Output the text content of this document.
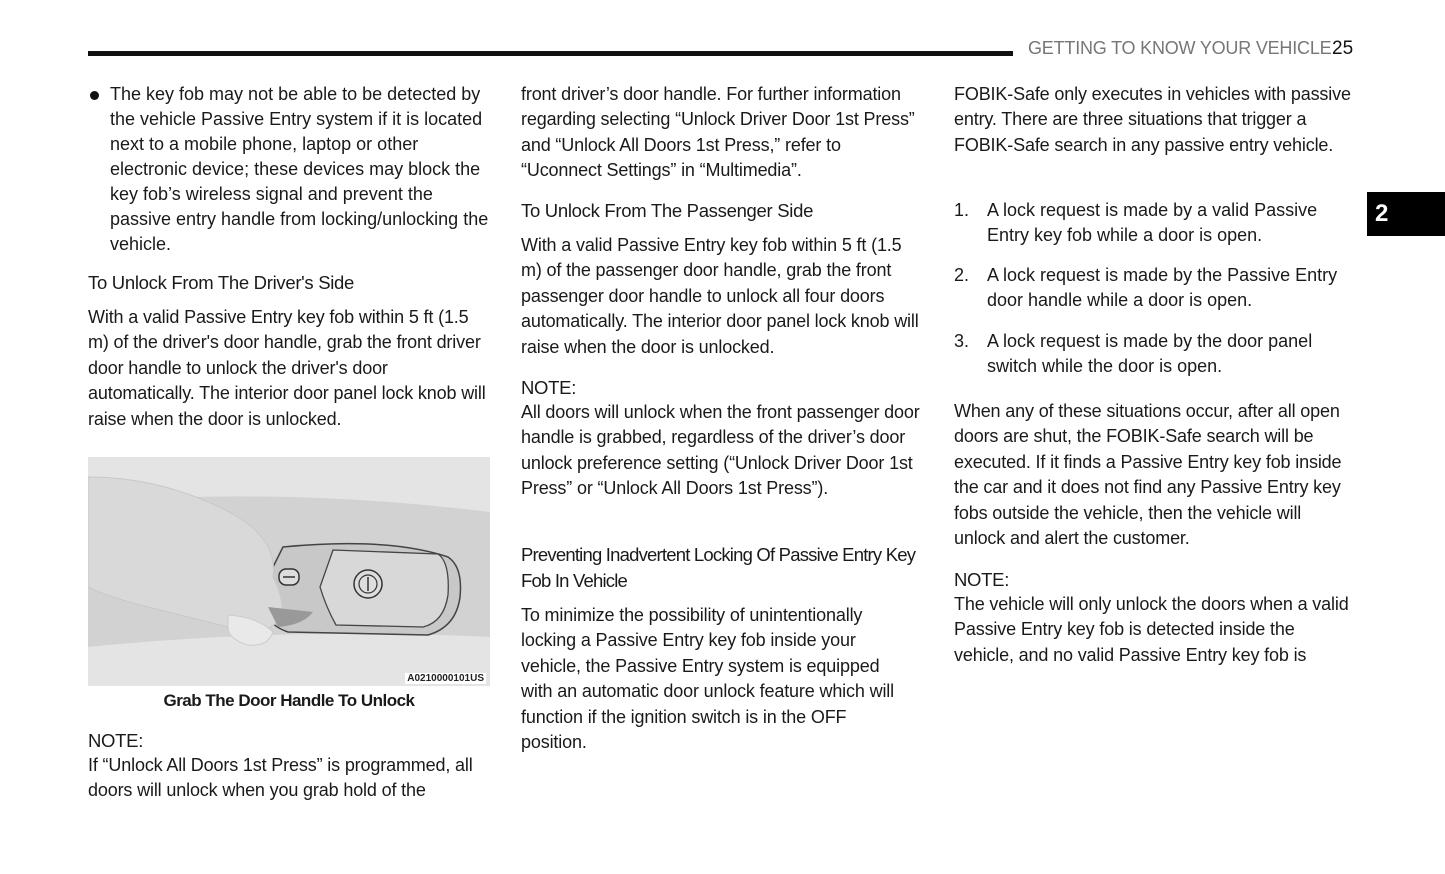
GETTING TO KNOW YOUR VEHICLE 25
2
The key fob may not be able to be detected by the vehicle Passive Entry system if it is located next to a mobile phone, laptop or other electronic device; these devices may block the key fob’s wireless signal and prevent the passive entry handle from locking/unlocking the vehicle.
To Unlock From The Driver's Side
With a valid Passive Entry key fob within 5 ft (1.5 m) of the driver's door handle, grab the front driver door handle to unlock the driver's door automatically. The interior door panel lock knob will raise when the door is unlocked.
A0210000101US
Grab The Door Handle To Unlock
NOTE:
If “Unlock All Doors 1st Press” is programmed, all doors will unlock when you grab hold of the
front driver’s door handle. For further information regarding selecting “Unlock Driver Door 1st Press” and “Unlock All Doors 1st Press,” refer to “Uconnect Settings” in “Multimedia”.
To Unlock From The Passenger Side
With a valid Passive Entry key fob within 5 ft (1.5 m) of the passenger door handle, grab the front passenger door handle to unlock all four doors automatically. The interior door panel lock knob will raise when the door is unlocked.
NOTE:
All doors will unlock when the front passenger door handle is grabbed, regardless of the driver’s door unlock preference setting (“Unlock Driver Door 1st Press” or “Unlock All Doors 1st Press”).
Preventing Inadvertent Locking Of Passive Entry Key Fob In Vehicle
To minimize the possibility of unintentionally locking a Passive Entry key fob inside your vehicle, the Passive Entry system is equipped with an automatic door unlock feature which will function if the ignition switch is in the OFF position.
FOBIK-Safe only executes in vehicles with passive entry. There are three situations that trigger a FOBIK-Safe search in any passive entry vehicle.
1. A lock request is made by a valid Passive Entry key fob while a door is open.
2. A lock request is made by the Passive Entry door handle while a door is open.
3. A lock request is made by the door panel switch while the door is open.
When any of these situations occur, after all open doors are shut, the FOBIK-Safe search will be executed. If it finds a Passive Entry key fob inside the car and it does not find any Passive Entry key fobs outside the vehicle, then the vehicle will unlock and alert the customer.
NOTE:
The vehicle will only unlock the doors when a valid Passive Entry key fob is detected inside the vehicle, and no valid Passive Entry key fob is
